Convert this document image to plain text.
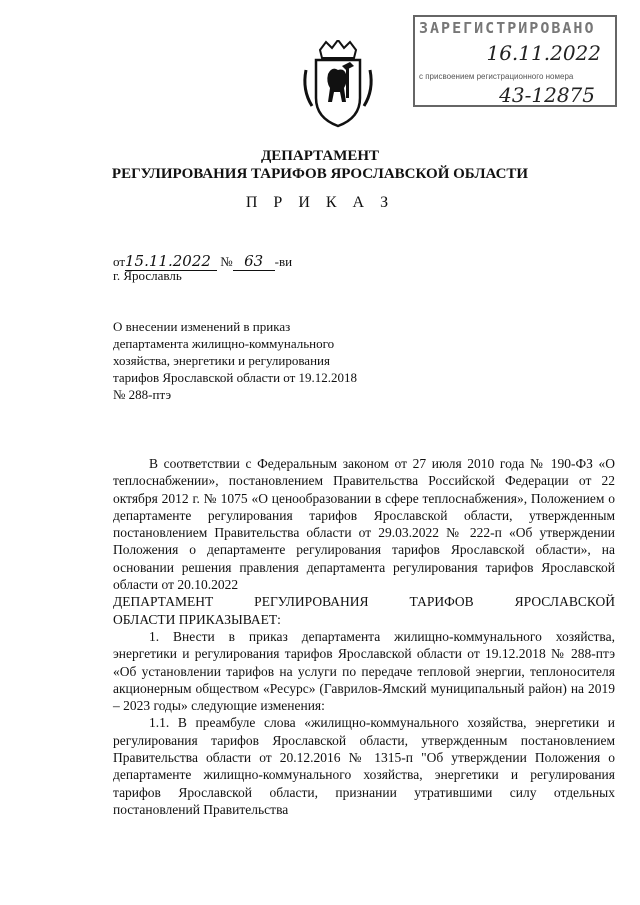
ЗАРЕГИСТРИРОВАНО
16.11.2022
с присвоением регистрационного номера
43-12875
ДЕПАРТАМЕНТ
РЕГУЛИРОВАНИЯ ТАРИФОВ ЯРОСЛАВСКОЙ ОБЛАСТИ
П Р И К А З
от15.11.2022 № 63 -ви
г. Ярославль
О внесении изменений в приказ департамента жилищно-коммунального хозяйства, энергетики и регулирования тарифов Ярославской области от 19.12.2018 № 288-птэ

В соответствии с Федеральным законом от 27 июля 2010 года № 190-ФЗ «О теплоснабжении», постановлением Правительства Российской Федерации от 22 октября 2012 г. № 1075 «О ценообразовании в сфере теплоснабжения», Положением о департаменте регулирования тарифов Ярославской области, утвержденным постановлением Правительства области от 29.03.2022 № 222-п «Об утверждении Положения о департаменте регулирования тарифов Ярославской области», на основании решения правления департамента регулирования тарифов Ярославской области от 20.10.2022

ДЕПАРТАМЕНТ РЕГУЛИРОВАНИЯ ТАРИФОВ ЯРОСЛАВСКОЙ

ОБЛАСТИ ПРИКАЗЫВАЕТ:

1. Внести в приказ департамента жилищно-коммунального хозяйства, энергетики и регулирования тарифов Ярославской области от 19.12.2018 № 288-птэ «Об установлении тарифов на услуги по передаче тепловой энергии, теплоносителя акционерным обществом «Ресурс» (Гаврилов-Ямский муниципальный район) на 2019 – 2023 годы» следующие изменения:

1.1. В преамбуле слова «жилищно-коммунального хозяйства, энергетики и регулирования тарифов Ярославской области, утвержденным постановлением Правительства области от 20.12.2016 № 1315-п "Об утверждении Положения о департаменте жилищно-коммунального хозяйства, энергетики и регулирования тарифов Ярославской области, признании утратившими силу отдельных постановлений Правительства
